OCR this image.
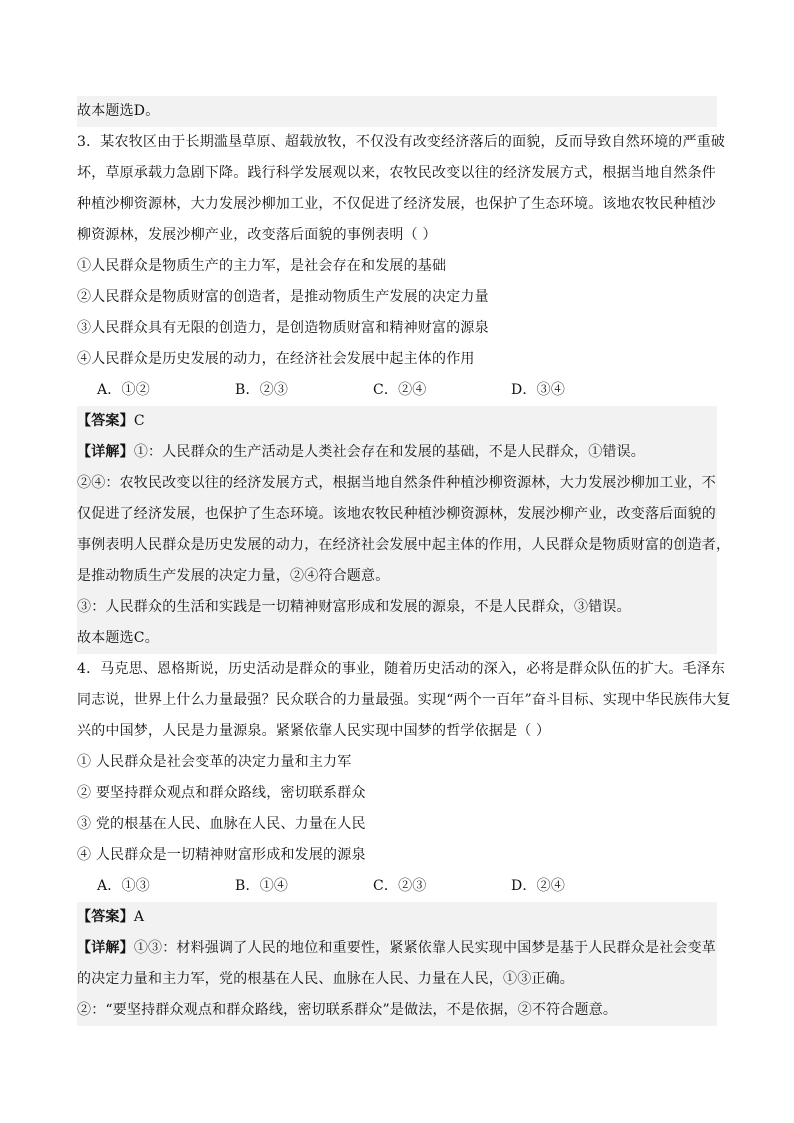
故本题选D。
3．某农牧区由于长期滥垦草原、超载放牧，不仅没有改变经济落后的面貌，反而导致自然环境的严重破
坏，草原承载力急剧下降。践行科学发展观以来，农牧民改变以往的经济发展方式，根据当地自然条件
种植沙柳资源林，大力发展沙柳加工业，不仅促进了经济发展，也保护了生态环境。该地农牧民种植沙
柳资源林，发展沙柳产业，改变落后面貌的事例表明（ ）
①人民群众是物质生产的主力军，是社会存在和发展的基础
②人民群众是物质财富的创造者，是推动物质生产发展的决定力量
③人民群众具有无限的创造力，是创造物质财富和精神财富的源泉
④人民群众是历史发展的动力，在经济社会发展中起主体的作用
A．①②	B．②③	C．②④	D．③④
【答案】C
【详解】①：人民群众的生产活动是人类社会存在和发展的基础，不是人民群众，①错误。
②④：农牧民改变以往的经济发展方式，根据当地自然条件种植沙柳资源林，大力发展沙柳加工业，不
仅促进了经济发展，也保护了生态环境。该地农牧民种植沙柳资源林，发展沙柳产业，改变落后面貌的
事例表明人民群众是历史发展的动力，在经济社会发展中起主体的作用，人民群众是物质财富的创造者，
是推动物质生产发展的决定力量，②④符合题意。
③：人民群众的生活和实践是一切精神财富形成和发展的源泉，不是人民群众，③错误。
故本题选C。
4．马克思、恩格斯说，历史活动是群众的事业，随着历史活动的深入，必将是群众队伍的扩大。毛泽东
同志说，世界上什么力量最强？民众联合的力量最强。实现“两个一百年”奋斗目标、实现中华民族伟大复
兴的中国梦，人民是力量源泉。紧紧依靠人民实现中国梦的哲学依据是（ ）
① 人民群众是社会变革的决定力量和主力军
② 要坚持群众观点和群众路线，密切联系群众
③ 党的根基在人民、血脉在人民、力量在人民
④ 人民群众是一切精神财富形成和发展的源泉
A．①③	B．①④	C．②③	D．②④
【答案】A
【详解】①③：材料强调了人民的地位和重要性，紧紧依靠人民实现中国梦是基于人民群众是社会变革
的决定力量和主力军，党的根基在人民、血脉在人民、力量在人民，①③正确。
②：“要坚持群众观点和群众路线，密切联系群众”是做法，不是依据，②不符合题意。
